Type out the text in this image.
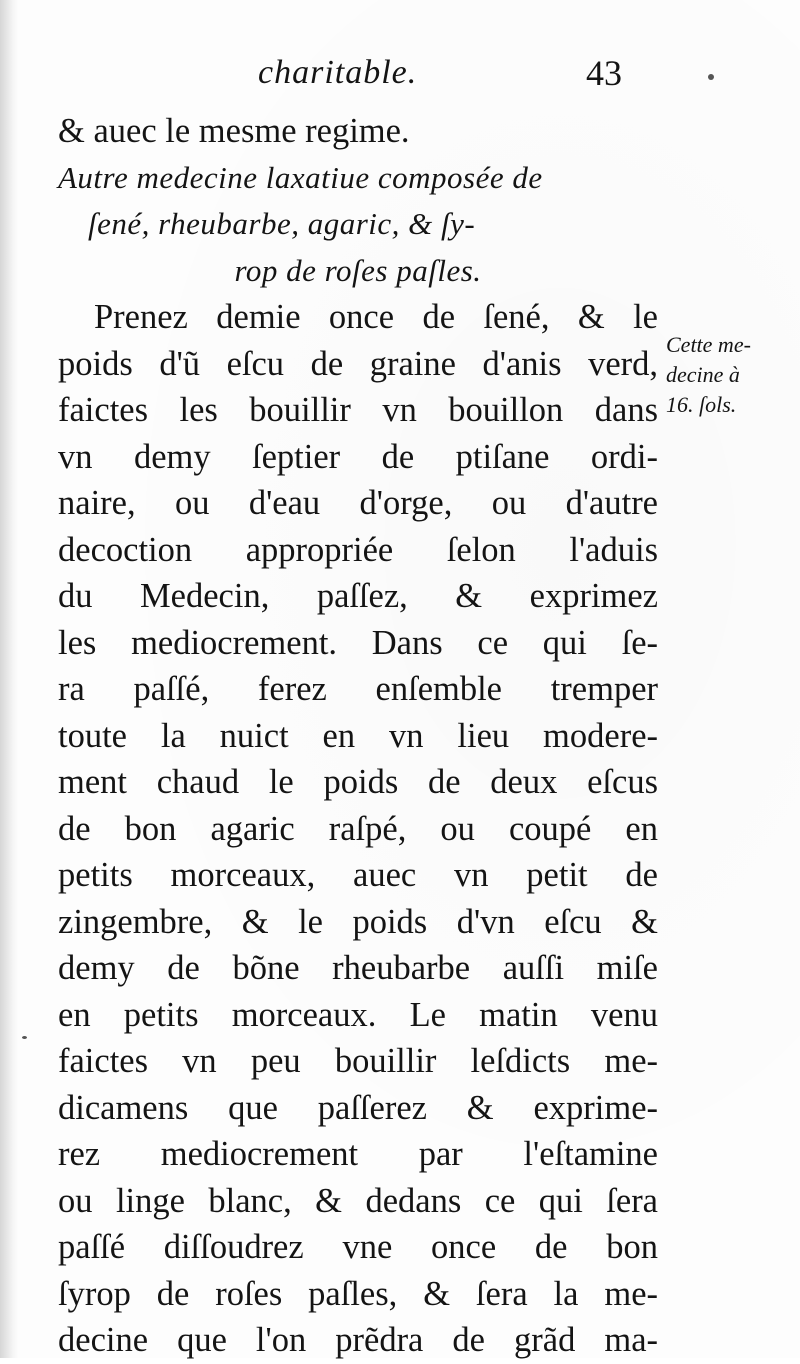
charitable.	43
& auec le mesme regime.
Autre medecine laxatiue composée de
ſené, rheubarbe, agaric, & ſy-
rop de roſes paſles.
Prenez demie once de ſené, & le
poids d'ũ eſcu de graine d'anis verd,
faictes les bouillir vn bouillon dans
vn demy ſeptier de ptiſane ordi-
naire, ou d'eau d'orge, ou d'autre
decoction appropriée ſelon l'aduis
du Medecin, paſſez, & exprimez
les mediocrement. Dans ce qui ſe-
ra paſſé, ferez enſemble tremper
toute la nuict en vn lieu modere-
ment chaud le poids de deux eſcus
de bon agaric raſpé, ou coupé en
petits morceaux, auec vn petit de
zingembre, & le poids d'vn eſcu &
demy de bõne rheubarbe auſſi miſe
en petits morceaux. Le matin venu
faictes vn peu bouillir leſdicts me-
dicamens que paſſerez & exprime-
rez mediocrement par l'eſtamine
ou linge blanc, & dedans ce qui ſera
paſſé diſſoudrez vne once de bon
ſyrop de roſes paſles, & ſera la me-
decine que l'on prẽdra de grãd ma-
Cette me-
decine à
16. ſols.
